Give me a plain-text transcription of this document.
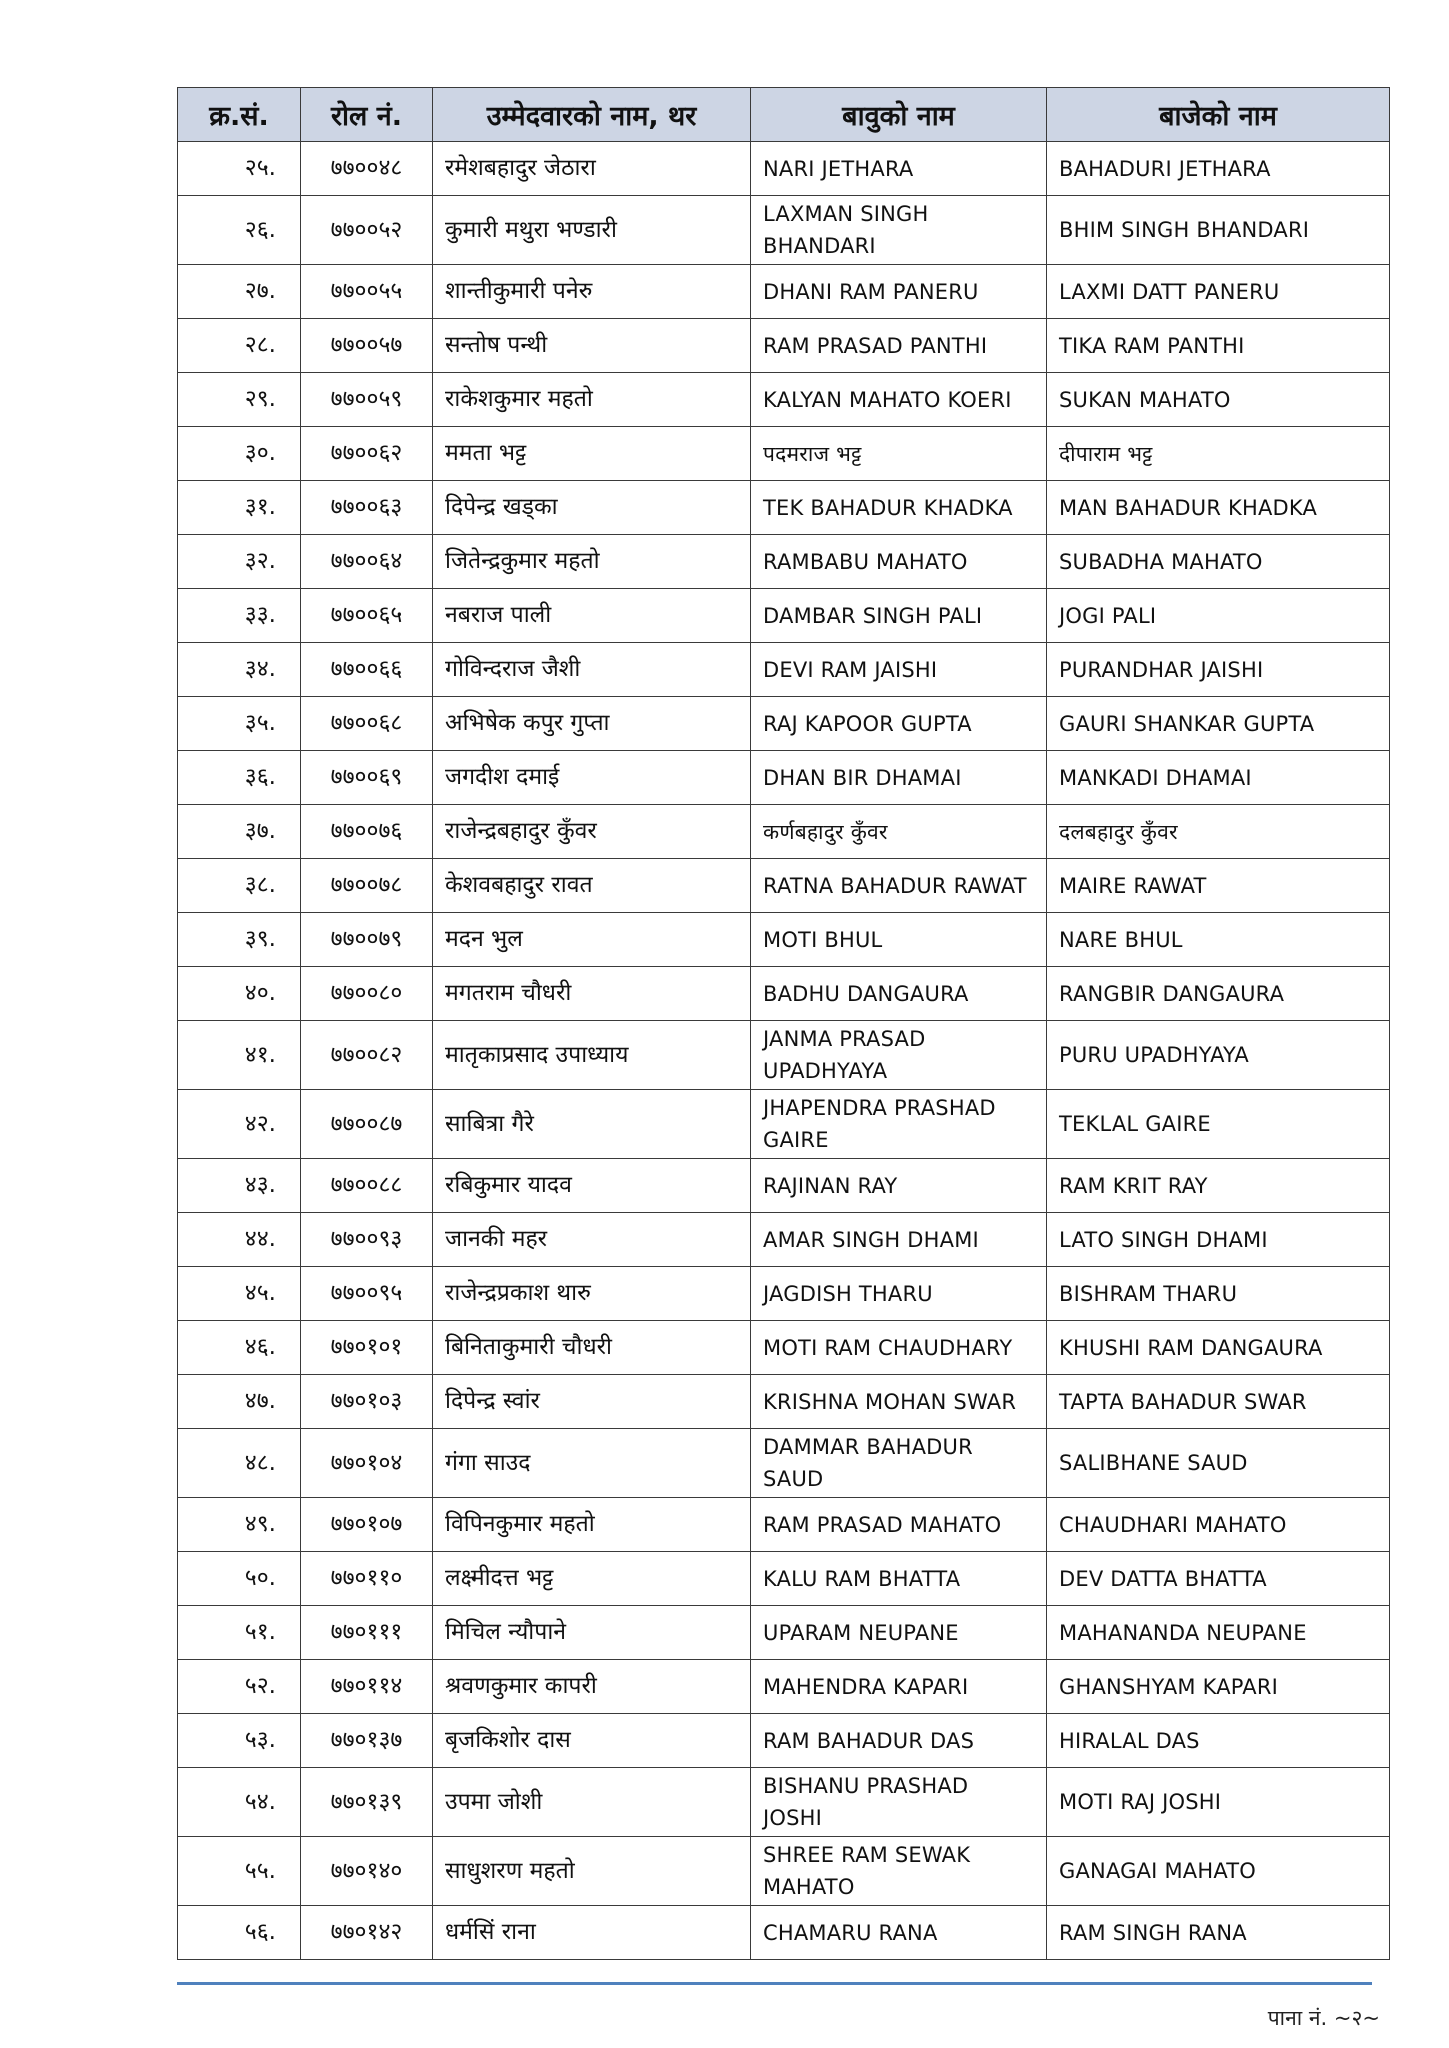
क्र.सं.	रोल नं.	उम्मेदवारको नाम, थर	बावुको नाम	बाजेको नाम
२५.	७७००४८	रमेशबहादुर जेठारा	NARI JETHARA	BAHADURI JETHARA
२६.	७७००५२	कुमारी मथुरा भण्डारी	LAXMAN SINGH BHANDARI	BHIM SINGH BHANDARI
२७.	७७००५५	शान्तीकुमारी पनेरु	DHANI RAM PANERU	LAXMI DATT PANERU
२८.	७७००५७	सन्तोष पन्थी	RAM PRASAD PANTHI	TIKA RAM PANTHI
२९.	७७००५९	राकेशकुमार महतो	KALYAN MAHATO KOERI	SUKAN MAHATO
३०.	७७००६२	ममता भट्ट	पदमराज भट्ट	दीपाराम भट्ट
३१.	७७००६३	दिपेन्द्र खड्का	TEK BAHADUR KHADKA	MAN BAHADUR KHADKA
३२.	७७००६४	जितेन्द्रकुमार महतो	RAMBABU MAHATO	SUBADHA MAHATO
३३.	७७००६५	नबराज पाली	DAMBAR SINGH PALI	JOGI PALI
३४.	७७००६६	गोविन्दराज जैशी	DEVI RAM JAISHI	PURANDHAR JAISHI
३५.	७७००६८	अभिषेक कपुर गुप्ता	RAJ KAPOOR GUPTA	GAURI SHANKAR GUPTA
३६.	७७००६९	जगदीश दमाई	DHAN BIR DHAMAI	MANKADI DHAMAI
३७.	७७००७६	राजेन्द्रबहादुर कुँवर	कर्णबहादुर कुँवर	दलबहादुर कुँवर
३८.	७७००७८	केशवबहादुर रावत	RATNA BAHADUR RAWAT	MAIRE RAWAT
३९.	७७००७९	मदन भुल	MOTI BHUL	NARE BHUL
४०.	७७००८०	मगतराम चौधरी	BADHU DANGAURA	RANGBIR DANGAURA
४१.	७७००८२	मातृकाप्रसाद उपाध्याय	JANMA PRASAD UPADHYAYA	PURU UPADHYAYA
४२.	७७००८७	साबित्रा गैरे	JHAPENDRA PRASHAD GAIRE	TEKLAL GAIRE
४३.	७७००८८	रबिकुमार यादव	RAJINAN RAY	RAM KRIT RAY
४४.	७७००९३	जानकी महर	AMAR SINGH DHAMI	LATO SINGH DHAMI
४५.	७७००९५	राजेन्द्रप्रकाश थारु	JAGDISH THARU	BISHRAM THARU
४६.	७७०१०१	बिनिताकुमारी चौधरी	MOTI RAM CHAUDHARY	KHUSHI RAM DANGAURA
४७.	७७०१०३	दिपेन्द्र स्वांर	KRISHNA MOHAN SWAR	TAPTA BAHADUR SWAR
४८.	७७०१०४	गंगा साउद	DAMMAR BAHADUR SAUD	SALIBHANE SAUD
४९.	७७०१०७	विपिनकुमार महतो	RAM PRASAD MAHATO	CHAUDHARI MAHATO
५०.	७७०११०	लक्ष्मीदत्त भट्ट	KALU RAM BHATTA	DEV DATTA BHATTA
५१.	७७०१११	मिचिल न्यौपाने	UPARAM NEUPANE	MAHANANDA NEUPANE
५२.	७७०११४	श्रवणकुमार कापरी	MAHENDRA KAPARI	GHANSHYAM KAPARI
५३.	७७०१३७	बृजकिशोर दास	RAM BAHADUR DAS	HIRALAL DAS
५४.	७७०१३९	उपमा जोशी	BISHANU PRASHAD JOSHI	MOTI RAJ JOSHI
५५.	७७०१४०	साधुशरण महतो	SHREE RAM SEWAK MAHATO	GANAGAI MAHATO
५६.	७७०१४२	धर्मसिं राना	CHAMARU RANA	RAM SINGH RANA
पाना नं. ~२~
